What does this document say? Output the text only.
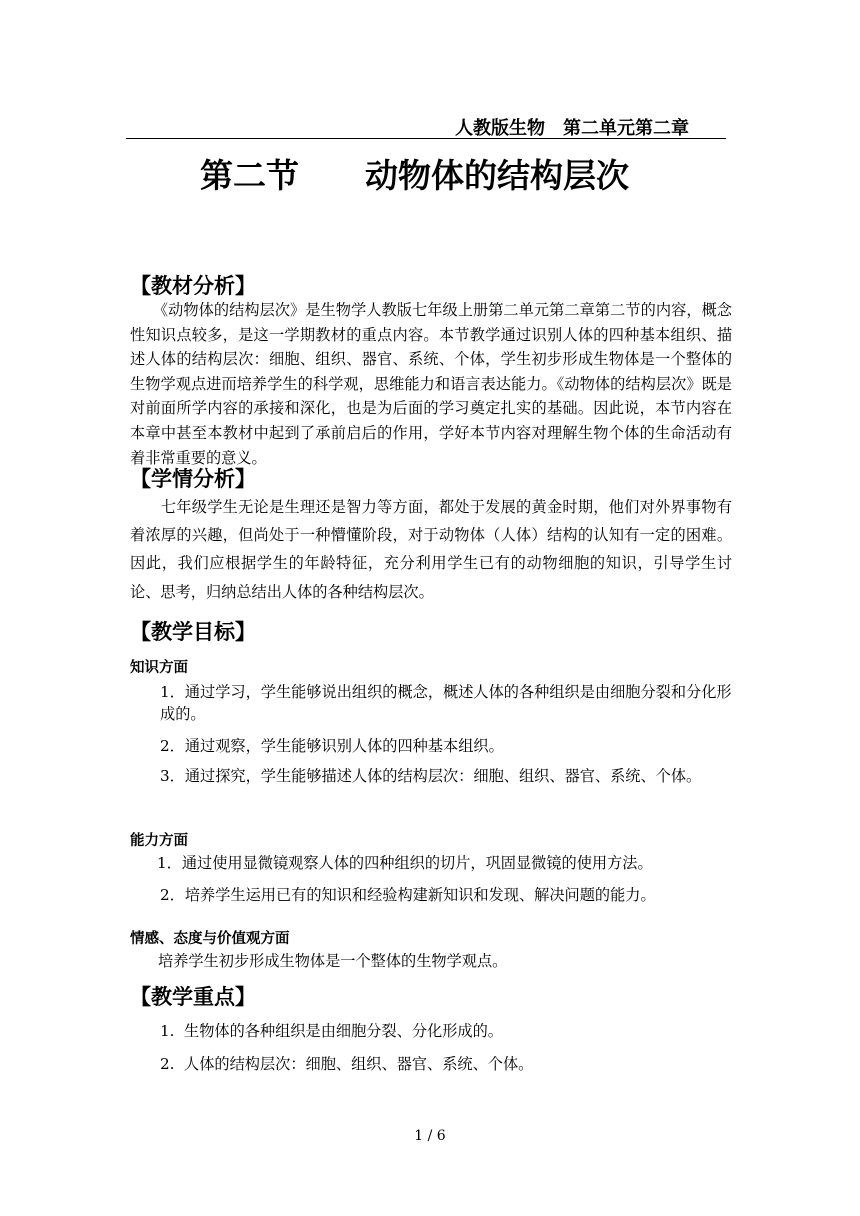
人教版生物　第二单元第二章
第二节　　动物体的结构层次
【教材分析】
　　《动物体的结构层次》是生物学人教版七年级上册第二单元第二章第二节的内容，概念性知识点较多，是这一学期教材的重点内容。本节教学通过识别人体的四种基本组织、描述人体的结构层次：细胞、组织、器官、系统、个体，学生初步形成生物体是一个整体的生物学观点进而培养学生的科学观，思维能力和语言表达能力。《动物体的结构层次》既是对前面所学内容的承接和深化，也是为后面的学习奠定扎实的基础。因此说，本节内容在本章中甚至本教材中起到了承前启后的作用，学好本节内容对理解生物个体的生命活动有着非常重要的意义。
【学情分析】
　　七年级学生无论是生理还是智力等方面，都处于发展的黄金时期，他们对外界事物有着浓厚的兴趣，但尚处于一种懵懂阶段，对于动物体（人体）结构的认知有一定的困难。因此，我们应根据学生的年龄特征，充分利用学生已有的动物细胞的知识，引导学生讨论、思考，归纳总结出人体的各种结构层次。
【教学目标】
知识方面
1．通过学习，学生能够说出组织的概念，概述人体的各种组织是由细胞分裂和分化形成的。
2．通过观察，学生能够识别人体的四种基本组织。
3．通过探究，学生能够描述人体的结构层次：细胞、组织、器官、系统、个体。
能力方面
1．通过使用显微镜观察人体的四种组织的切片，巩固显微镜的使用方法。
2．培养学生运用已有的知识和经验构建新知识和发现、解决问题的能力。
情感、态度与价值观方面
培养学生初步形成生物体是一个整体的生物学观点。
【教学重点】
1. 生物体的各种组织是由细胞分裂、分化形成的。
2. 人体的结构层次：细胞、组织、器官、系统、个体。
1 / 6
